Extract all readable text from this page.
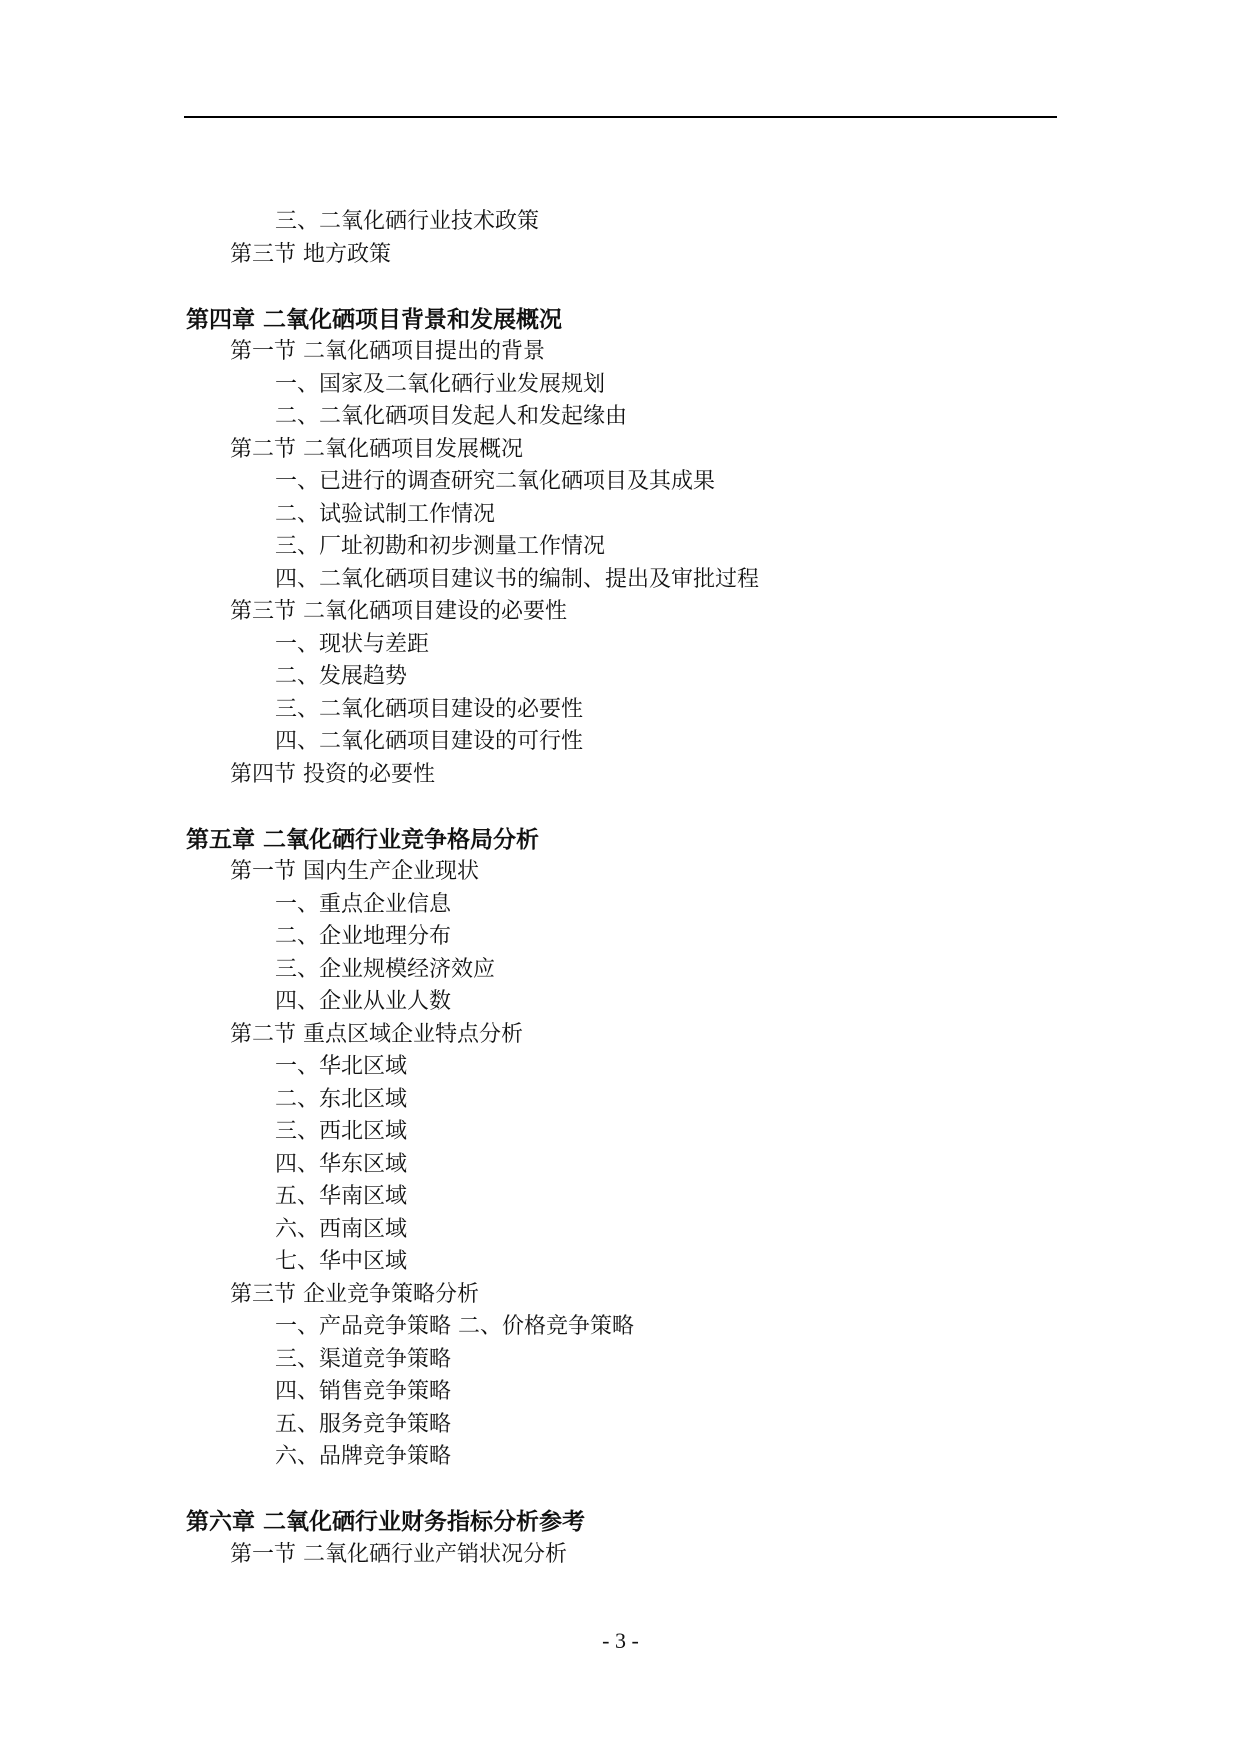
三、二氧化硒行业技术政策
第三节 地方政策
第四章 二氧化硒项目背景和发展概况
第一节 二氧化硒项目提出的背景
一、国家及二氧化硒行业发展规划
二、二氧化硒项目发起人和发起缘由
第二节 二氧化硒项目发展概况
一、已进行的调查研究二氧化硒项目及其成果
二、试验试制工作情况
三、厂址初勘和初步测量工作情况
四、二氧化硒项目建议书的编制、提出及审批过程
第三节 二氧化硒项目建设的必要性
一、现状与差距
二、发展趋势
三、二氧化硒项目建设的必要性
四、二氧化硒项目建设的可行性
第四节 投资的必要性
第五章 二氧化硒行业竞争格局分析
第一节 国内生产企业现状
一、重点企业信息
二、企业地理分布
三、企业规模经济效应
四、企业从业人数
第二节 重点区域企业特点分析
一、华北区域
二、东北区域
三、西北区域
四、华东区域
五、华南区域
六、西南区域
七、华中区域
第三节 企业竞争策略分析
一、产品竞争策略 二、价格竞争策略
三、渠道竞争策略
四、销售竞争策略
五、服务竞争策略
六、品牌竞争策略
第六章 二氧化硒行业财务指标分析参考
第一节 二氧化硒行业产销状况分析
- 3 -
